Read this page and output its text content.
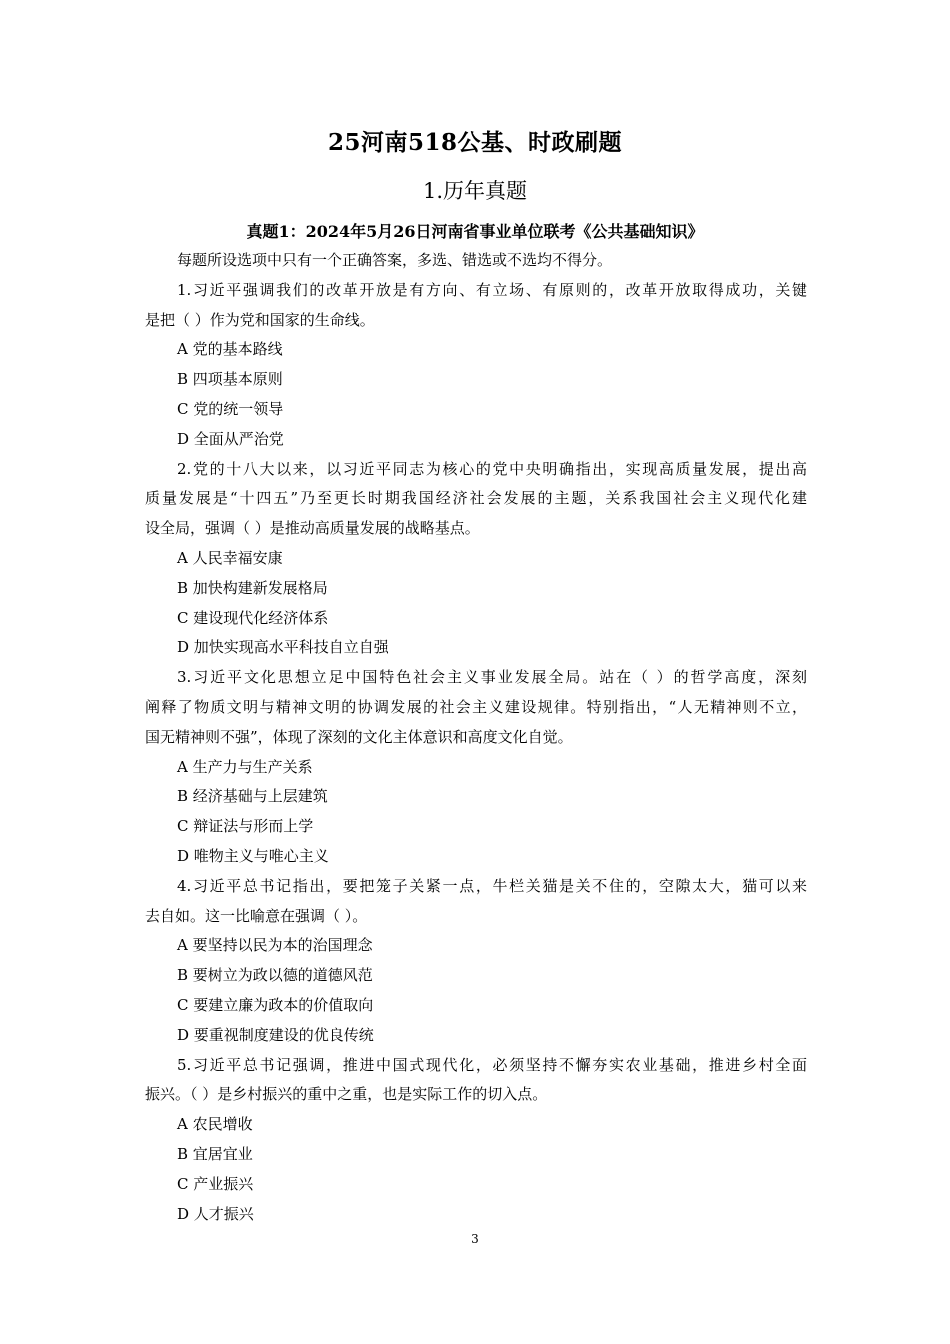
25河南518公基、时政刷题
1.历年真题
真题1：2024年5月26日河南省事业单位联考《公共基础知识》
每题所设选项中只有一个正确答案，多选、错选或不选均不得分。
1.习近平强调我们的改革开放是有方向、有立场、有原则的，改革开放取得成功，关键
是把（ ）作为党和国家的生命线。
A 党的基本路线
B 四项基本原则
C 党的统一领导
D 全面从严治党
2.党的十八大以来，以习近平同志为核心的党中央明确指出，实现高质量发展，提出高
质量发展是“十四五”乃至更长时期我国经济社会发展的主题，关系我国社会主义现代化建
设全局，强调（ ）是推动高质量发展的战略基点。
A 人民幸福安康
B 加快构建新发展格局
C 建设现代化经济体系
D 加快实现高水平科技自立自强
3.习近平文化思想立足中国特色社会主义事业发展全局。站在（ ）的哲学高度，深刻
阐释了物质文明与精神文明的协调发展的社会主义建设规律。特别指出，“人无精神则不立，
国无精神则不强”，体现了深刻的文化主体意识和高度文化自觉。
A 生产力与生产关系
B 经济基础与上层建筑
C 辩证法与形而上学
D 唯物主义与唯心主义
4.习近平总书记指出，要把笼子关紧一点，牛栏关猫是关不住的，空隙太大，猫可以来
去自如。这一比喻意在强调（ ）。
A 要坚持以民为本的治国理念
B 要树立为政以德的道德风范
C 要建立廉为政本的价值取向
D 要重视制度建设的优良传统
5.习近平总书记强调，推进中国式现代化，必须坚持不懈夯实农业基础，推进乡村全面
振兴。（ ）是乡村振兴的重中之重，也是实际工作的切入点。
A 农民增收
B 宜居宜业
C 产业振兴
D 人才振兴
3
